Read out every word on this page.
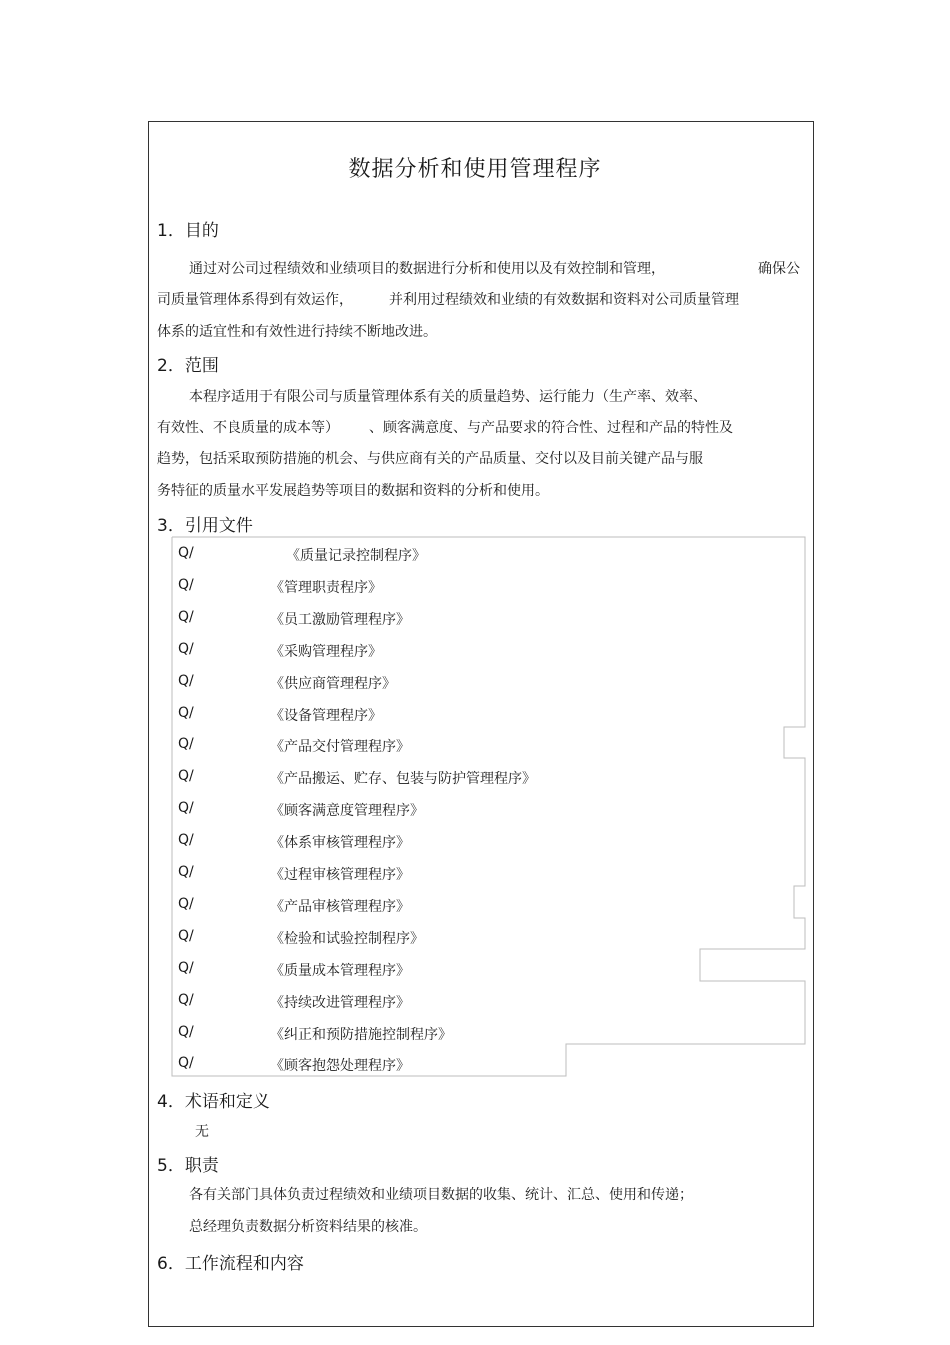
数据分析和使用管理程序
1．目的
通过对公司过程绩效和业绩项目的数据进行分析和使用以及有效控制和管理，	确保公
司质量管理体系得到有效运作，	并利用过程绩效和业绩的有效数据和资料对公司质量管理
体系的适宜性和有效性进行持续不断地改进。
2．范围
本程序适用于有限公司与质量管理体系有关的质量趋势、运行能力（生产率、效率、
有效性、不良质量的成本等） 、顾客满意度、与产品要求的符合性、过程和产品的特性及
趋势，包括采取预防措施的机会、与供应商有关的产品质量、交付以及目前关键产品与服
务特征的质量水平发展趋势等项目的数据和资料的分析和使用。
3．引用文件
Q/	《质量记录控制程序》
Q/	《管理职责程序》
Q/	《员工激励管理程序》
Q/	《采购管理程序》
Q/	《供应商管理程序》
Q/	《设备管理程序》
Q/	《产品交付管理程序》
Q/	《产品搬运、贮存、包装与防护管理程序》
Q/	《顾客满意度管理程序》
Q/	《体系审核管理程序》
Q/	《过程审核管理程序》
Q/	《产品审核管理程序》
Q/	《检验和试验控制程序》
Q/	《质量成本管理程序》
Q/	《持续改进管理程序》
Q/	《纠正和预防措施控制程序》
Q/	《顾客抱怨处理程序》
4．术语和定义
无
5．职责
各有关部门具体负责过程绩效和业绩项目数据的收集、统计、汇总、使用和传递；
总经理负责数据分析资料结果的核准。
6．工作流程和内容
